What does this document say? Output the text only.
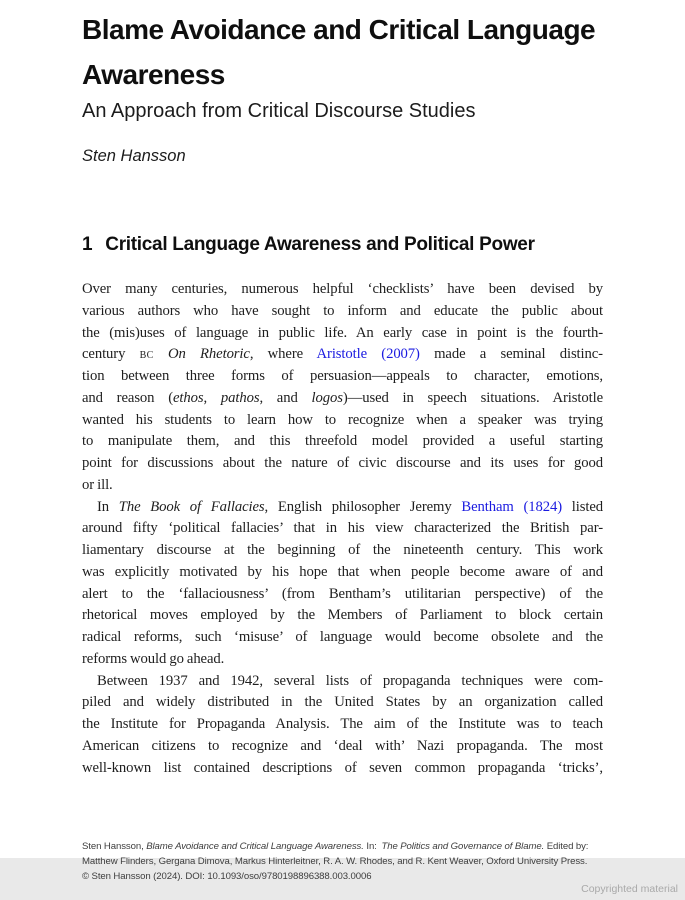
Blame Avoidance and Critical Language
Awareness
An Approach from Critical Discourse Studies
Sten Hansson
1 Critical Language Awareness and Political Power
Over many centuries, numerous helpful ‘checklists’ have been devised by
various authors who have sought to inform and educate the public about
the (mis)uses of language in public life. An early case in point is the fourth-
century bc On Rhetoric, where Aristotle (2007) made a seminal distinc-
tion between three forms of persuasion—appeals to character, emotions,
and reason (ethos, pathos, and logos)—used in speech situations. Aristotle
wanted his students to learn how to recognize when a speaker was trying
to manipulate them, and this threefold model provided a useful starting
point for discussions about the nature of civic discourse and its uses for good
or ill.
In The Book of Fallacies, English philosopher Jeremy Bentham (1824) listed
around fifty ‘political fallacies’ that in his view characterized the British par-
liamentary discourse at the beginning of the nineteenth century. This work
was explicitly motivated by his hope that when people become aware of and
alert to the ‘fallaciousness’ (from Bentham’s utilitarian perspective) of the
rhetorical moves employed by the Members of Parliament to block certain
radical reforms, such ‘misuse’ of language would become obsolete and the
reforms would go ahead.
Between 1937 and 1942, several lists of propaganda techniques were com-
piled and widely distributed in the United States by an organization called
the Institute for Propaganda Analysis. The aim of the Institute was to teach
American citizens to recognize and ‘deal with’ Nazi propaganda. The most
well-known list contained descriptions of seven common propaganda ‘tricks’,
Sten Hansson, Blame Avoidance and Critical Language Awareness. In: The Politics and Governance of Blame. Edited by:
Matthew Flinders, Gergana Dimova, Markus Hinterleitner, R. A. W. Rhodes, and R. Kent Weaver, Oxford University Press.
© Sten Hansson (2024). DOI: 10.1093/oso/9780198896388.003.0006
Copyrighted material
